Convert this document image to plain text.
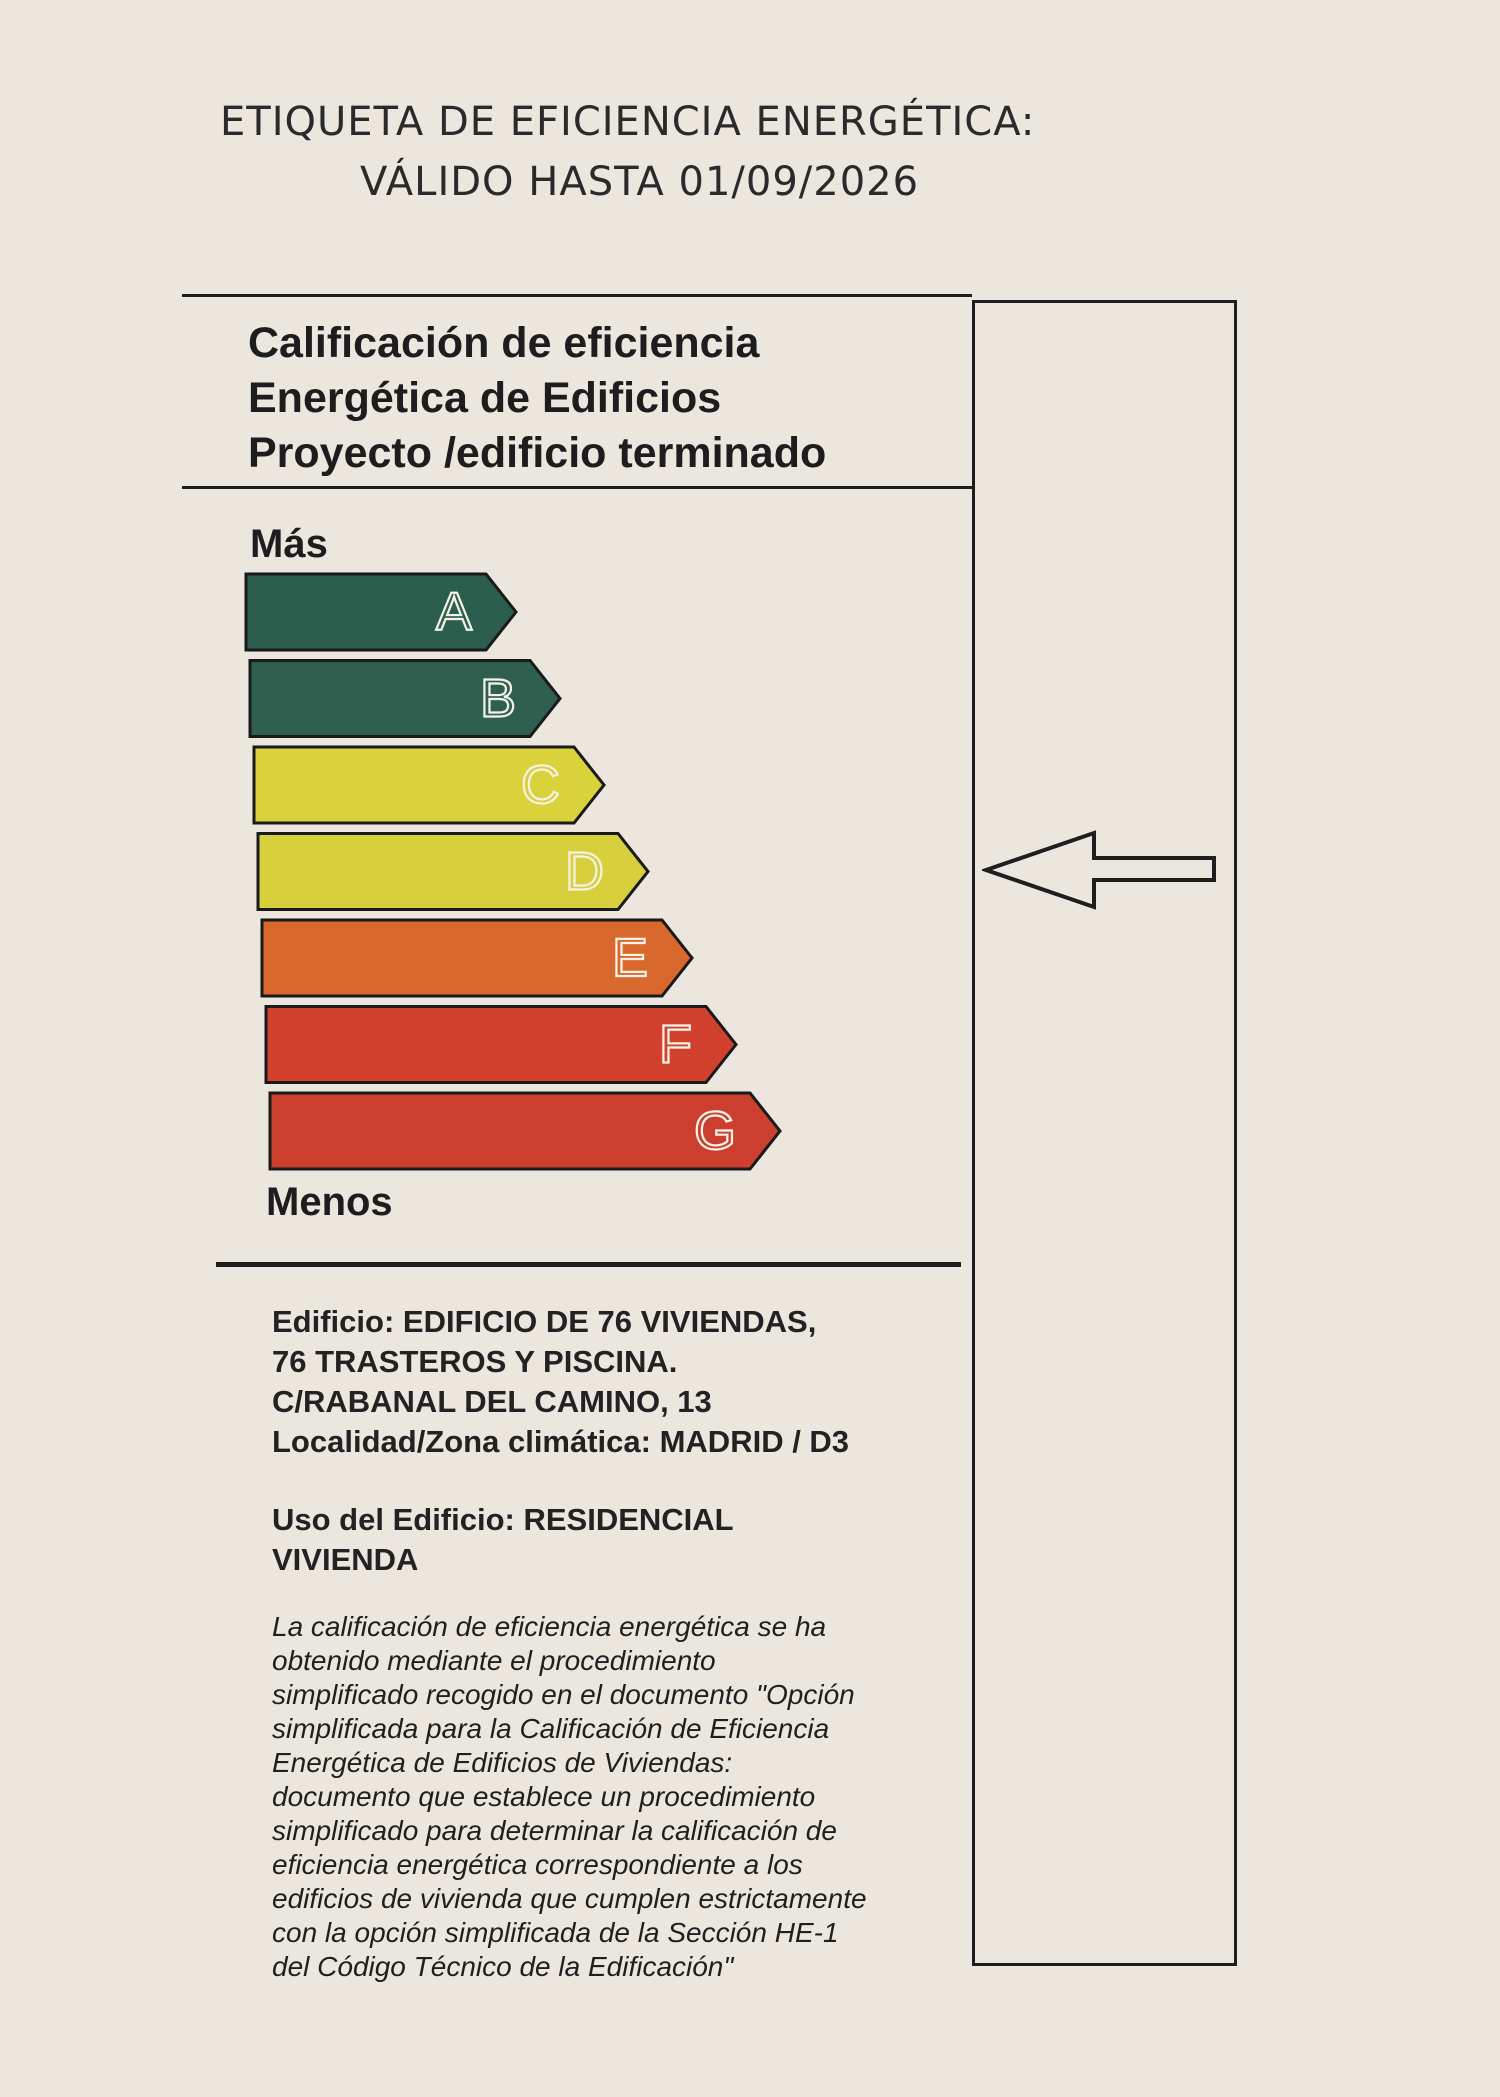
ETIQUETA DE EFICIENCIA ENERGÉTICA:
VÁLIDO HASTA 01/09/2026
Calificación de eficiencia
Energética de Edificios
Proyecto /edificio terminado
Más
A
B
C
D
E
F
G
Menos
Edificio: EDIFICIO DE 76 VIVIENDAS,
76 TRASTEROS Y PISCINA.
C/RABANAL DEL CAMINO, 13
Localidad/Zona climática: MADRID / D3
Uso del Edificio: RESIDENCIAL
VIVIENDA
La calificación de eficiencia energética se ha
obtenido mediante el procedimiento
simplificado recogido en el documento "Opción
simplificada para la Calificación de Eficiencia
Energética de Edificios de Viviendas:
documento que establece un procedimiento
simplificado para determinar la calificación de
eficiencia energética correspondiente a los
edificios de vivienda que cumplen estrictamente
con la opción simplificada de la Sección HE-1
del Código Técnico de la Edificación"
